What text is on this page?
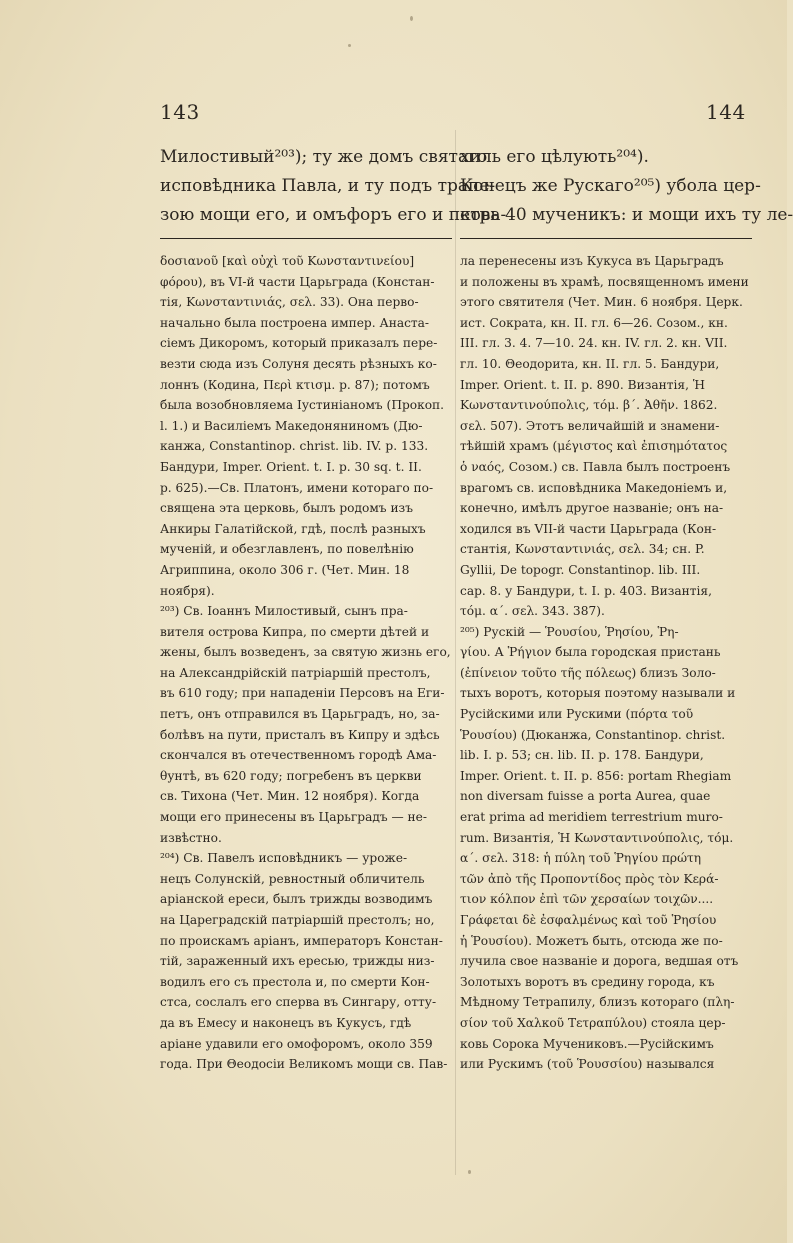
143	144
Милостивый²⁰³); ту же домъ святаго
исповѣдника Павла, и ту подъ трапе-
зою мощи его, и омъфоръ его и петра-
хиль его цѣлують²⁰⁴).
Конецъ же Рускаго²⁰⁵) убола цер-
ковь 40 мученикъ: и мощи ихъ ту ле-
δοσιανοῦ [καὶ οὐχὶ τοῦ Κωνσταντινείου]
φόρου), въ VI-й части Царьграда (Констан-
тія, Κωνσταντινιάς, σελ. 33). Она перво-
начально была построена импер. Анаста-
сіемъ Дикоромъ, который приказалъ пере-
везти сюда изъ Солуня десять рѣзныхъ ко-
лоннъ (Кодина, Περὶ κτισμ. p. 87); потомъ
была возобновляема Іустиніаномъ (Прокоп.
l. 1.) и Василіемъ Македоняниномъ (Дю-
канжа, Constantinop. christ. lib. IV. p. 133.
Бандури, Imper. Orient. t. I. p. 30 sq. t. II.
p. 625).—Св. Платонъ, имени котораго по-
священа эта церковь, былъ родомъ изъ
Анкиры Галатійской, гдѣ, послѣ разныхъ
мученій, и обезглавленъ, по повелѣнію
Агриппина, около 306 г. (Чет. Мин. 18
ноября).
²⁰³) Св. Іоаннъ Милостивый, сынъ пра-
вителя острова Кипра, по смерти дѣтей и
жены, былъ возведенъ, за святую жизнь его,
на Александрійскій патріаршій престолъ,
въ 610 году; при нападеніи Персовъ на Еги-
петъ, онъ отправился въ Царьградъ, но, за-
болѣвъ на пути, присталъ въ Кипру и здѣсь
скончался въ отечественномъ городѣ Ама-
θунтѣ, въ 620 году; погребенъ въ церкви
св. Тихона (Чет. Мин. 12 ноября). Когда
мощи его принесены въ Царьградъ — не-
извѣстно.
²⁰⁴) Св. Павелъ исповѣдникъ — уроже-
нецъ Солунскій, ревностный обличитель
аріанской ереси, былъ трижды возводимъ
на Цареградскій патріаршій престолъ; но,
по проискамъ аріанъ, императоръ Констан-
тій, зараженный ихъ ересью, трижды низ-
водилъ его съ престола и, по смерти Кон-
стса, сослалъ его сперва въ Сингару, отту-
да въ Емесу и наконецъ въ Кукусъ, гдѣ
аріане удавили его омофоромъ, около 359
года. При Θеодосіи Великомъ мощи св. Пав-
ла перенесены изъ Кукуса въ Царьградъ
и положены въ храмѣ, посвященномъ имени
этого святителя (Чет. Мин. 6 ноября. Церк.
ист. Сократа, кн. II. гл. 6—26. Созом., кн.
III. гл. 3. 4. 7—10. 24. кн. IV. гл. 2. кн. VII.
гл. 10. Θеодорита, кн. II. гл. 5. Бандури,
Imper. Orient. t. II. p. 890. Византія, Ἡ
Κωνσταντινούπολις, τόμ. β΄. Ἀθῆν. 1862.
σελ. 507). Этотъ величайшій и знамени-
тѣйшій храмъ (μέγιστος καὶ ἐπισημότατος
ὁ ναός, Созом.) св. Павла былъ построенъ
врагомъ св. исповѣдника Македоніемъ и,
конечно, имѣлъ другое названіе; онъ на-
ходился въ VII-й части Царьграда (Кон-
стантія, Κωνσταντινιάς, σελ. 34; сн. P.
Gyllii, De topogr. Constantinop. lib. III.
cap. 8. у Бандури, t. I. p. 403. Византія,
τόμ. α΄. σελ. 343. 387).
²⁰⁵) Рускій — Ῥουσίου, Ῥησίου, Ῥη-
γίου. А Ῥήγιον была городская пристань
(ἐπίνειον τοῦτο τῆς πόλεως) близъ Золо-
тыхъ воротъ, которыя поэтому называли и
Русійскими или Рускими (πόρτα τοῦ
Ῥουσίου) (Дюканжа, Constantinop. christ.
lib. I. p. 53; сн. lib. II. p. 178. Бандури,
Imper. Orient. t. II. p. 856: portam Rhegiam
non diversam fuisse a porta Aurea, quae
erat prima ad meridiem terrestrium muro-
rum. Византія, Ἡ Κωνσταντινούπολις, τόμ.
α΄. σελ. 318: ἡ πύλη τοῦ Ῥηγίου πρώτη
τῶν ἀπὸ τῆς Προποντίδος πρὸς τὸν Κερά-
τιον κόλπον ἐπὶ τῶν χερσαίων τοιχῶν....
Γράφεται δὲ ἐσφαλμένως καὶ τοῦ Ῥησίου
ἡ Ῥουσίου). Можетъ быть, отсюда же по-
лучила свое названіе и дорога, ведшая отъ
Золотыхъ воротъ въ средину города, къ
Мѣдному Тетрапилу, близъ котораго (πλη-
σίον τοῦ Χαλκοῦ Τετραπύλου) стояла цер-
ковь Сорока Мучениковъ.—Русійскимъ
или Рускимъ (τοῦ Ῥουσσίου) назывался
